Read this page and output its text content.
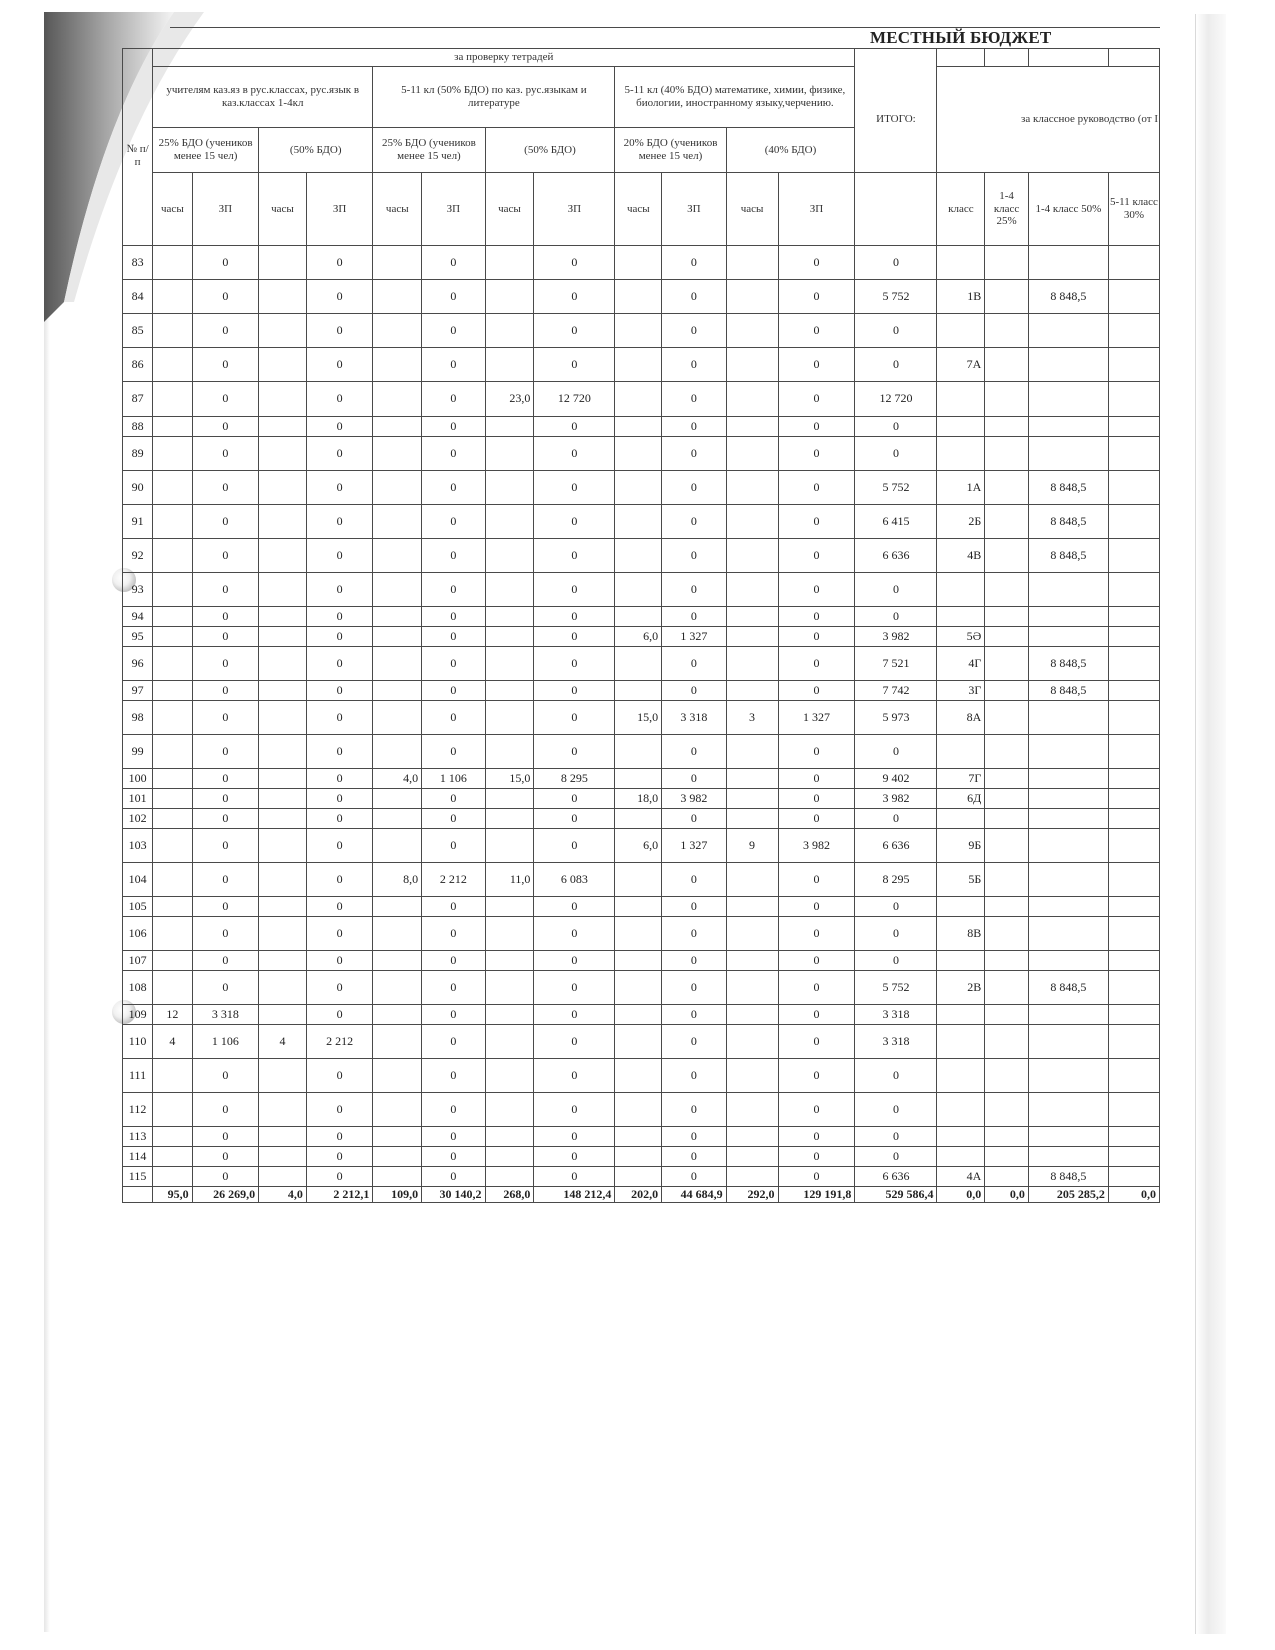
МЕСТНЫЙ БЮДЖЕТ
	за проверку тетрадей																
№ п/п	учителям каз.яз в рус.классах, рус.язык в каз.классах 1-4кл				5-11 кл (50% БДО) по каз. рус.языкам и литературе				5-11 кл (40% БДО) математике, химии, физике, биологии, иностранному языку,черчению.				ИТОГО:	за классное руководство (от I			
	25% БДО (учеников менее 15 чел)		(50% БДО)		25% БДО (учеников менее 15 чел)		(50% БДО)		20% БДО (учеников менее 15 чел)		(40% БДО)						
	часы	ЗП	часы	ЗП	часы	ЗП	часы	ЗП	часы	ЗП	часы	ЗП		класс	1-4 класс 25%	1-4 класс 50%	5-11 класс 30%
83		0		0		0		0		0		0	0				
84		0		0		0		0		0		0	5 752	1В		8 848,5	
85		0		0		0		0		0		0	0				
86		0		0		0		0		0		0	0	7А			
87		0		0		0	23,0	12 720		0		0	12 720				
88		0		0		0		0		0		0	0				
89		0		0		0		0		0		0	0				
90		0		0		0		0		0		0	5 752	1А		8 848,5	
91		0		0		0		0		0		0	6 415	2Б		8 848,5	
92		0		0		0		0		0		0	6 636	4В		8 848,5	
93		0		0		0		0		0		0	0				
94		0		0		0		0		0		0	0				
95		0		0		0		0	6,0	1 327		0	3 982	5Ә			
96		0		0		0		0		0		0	7 521	4Г		8 848,5	
97		0		0		0		0		0		0	7 742	3Г		8 848,5	
98		0		0		0		0	15,0	3 318	3	1 327	5 973	8А			
99		0		0		0		0		0		0	0				
100		0		0	4,0	1 106	15,0	8 295		0		0	9 402	7Г			
101		0		0		0		0	18,0	3 982		0	3 982	6Д			
102		0		0		0		0		0		0	0				
103		0		0		0		0	6,0	1 327	9	3 982	6 636	9Б			
104		0		0	8,0	2 212	11,0	6 083		0		0	8 295	5Б			
105		0		0		0		0		0		0	0				
106		0		0		0		0		0		0	0	8В			
107		0		0		0		0		0		0	0				
108		0		0		0		0		0		0	5 752	2В		8 848,5	
109	12	3 318		0		0		0		0		0	3 318				
110	4	1 106	4	2 212		0		0		0		0	3 318				
111		0		0		0		0		0		0	0				
112		0		0		0		0		0		0	0				
113		0		0		0		0		0		0	0				
114		0		0		0		0		0		0	0				
115		0		0		0		0		0		0	6 636	4А		8 848,5	
	95,0	26 269,0	4,0	2 212,1	109,0	30 140,2	268,0	148 212,4	202,0	44 684,9	292,0	129 191,8	529 586,4	0,0	0,0	205 285,2	0,0
